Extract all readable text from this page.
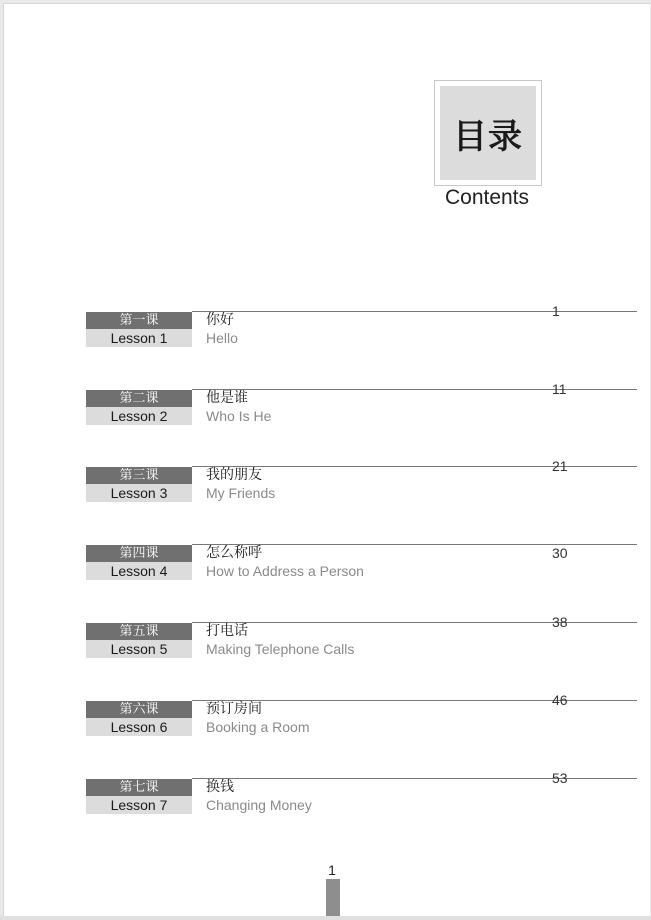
目录
Contents
第一课
Lesson 1
你好
Hello
1
第二课
Lesson 2
他是谁
Who Is He
11
第三课
Lesson 3
我的朋友
My Friends
21
第四课
Lesson 4
怎么称呼
How to Address a Person
30
第五课
Lesson 5
打电话
Making Telephone Calls
38
第六课
Lesson 6
预订房间
Booking a Room
46
第七课
Lesson 7
换钱
Changing Money
53
1
